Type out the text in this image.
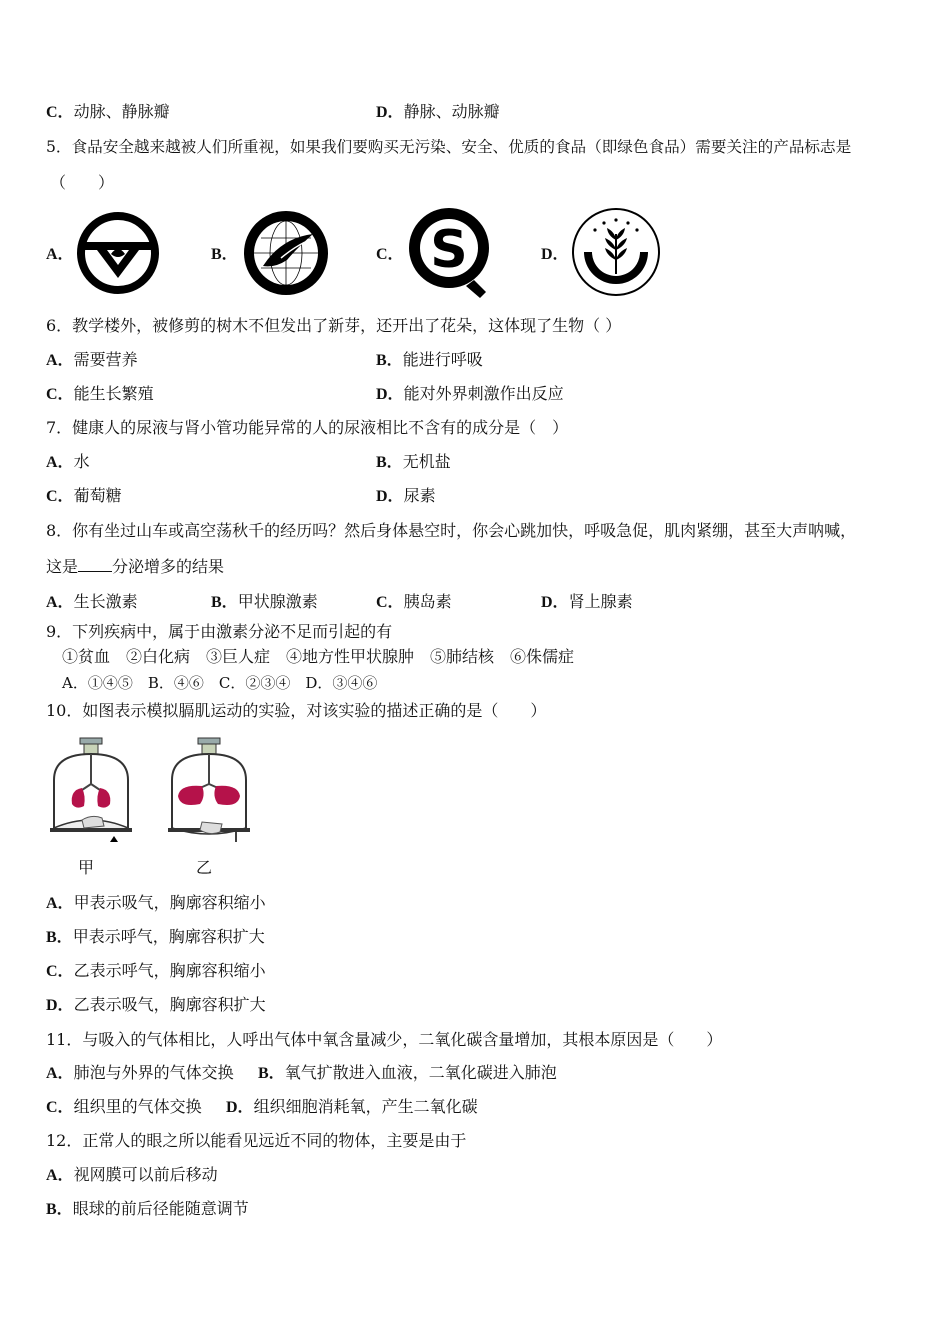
C．动脉、静脉瓣	D．静脉、动脉瓣
5．食品安全越来越被人们所重视，如果我们要购买无污染、安全、优质的食品（即绿色食品）需要关注的产品标志是
（　　）
A．	B．	C． S	D．
6．教学楼外，被修剪的树木不但发出了新芽，还开出了花朵，这体现了生物（ ）
A．需要营养	B．能进行呼吸
C．能生长繁殖	D．能对外界刺激作出反应
7．健康人的尿液与肾小管功能异常的人的尿液相比不含有的成分是（　）
A．水	B．无机盐
C．葡萄糖	D．尿素
8．你有坐过山车或高空荡秋千的经历吗？然后身体悬空时，你会心跳加快，呼吸急促，肌肉紧绷，甚至大声呐喊，
这是 分泌增多的结果
A．生长激素	B．甲状腺激素	C．胰岛素	D．肾上腺素
9．下列疾病中，属于由激素分泌不足而引起的有
①贫血　②白化病　③巨人症　④地方性甲状腺肿　⑤肺结核　⑥侏儒症
A．①④⑤　B．④⑥　C．②③④　D．③④⑥
10．如图表示模拟膈肌运动的实验，对该实验的描述正确的是（　　）
甲	乙
A．甲表示吸气，胸廓容积缩小
B．甲表示呼气，胸廓容积扩大
C．乙表示呼气，胸廓容积缩小
D．乙表示吸气，胸廓容积扩大
11．与吸入的气体相比，人呼出气体中氧含量减少，二氧化碳含量增加，其根本原因是（　　）
A．肺泡与外界的气体交换 B．氧气扩散进入血液，二氧化碳进入肺泡
C．组织里的气体交换 D．组织细胞消耗氧，产生二氧化碳
12．正常人的眼之所以能看见远近不同的物体，主要是由于
A．视网膜可以前后移动
B．眼球的前后径能随意调节
